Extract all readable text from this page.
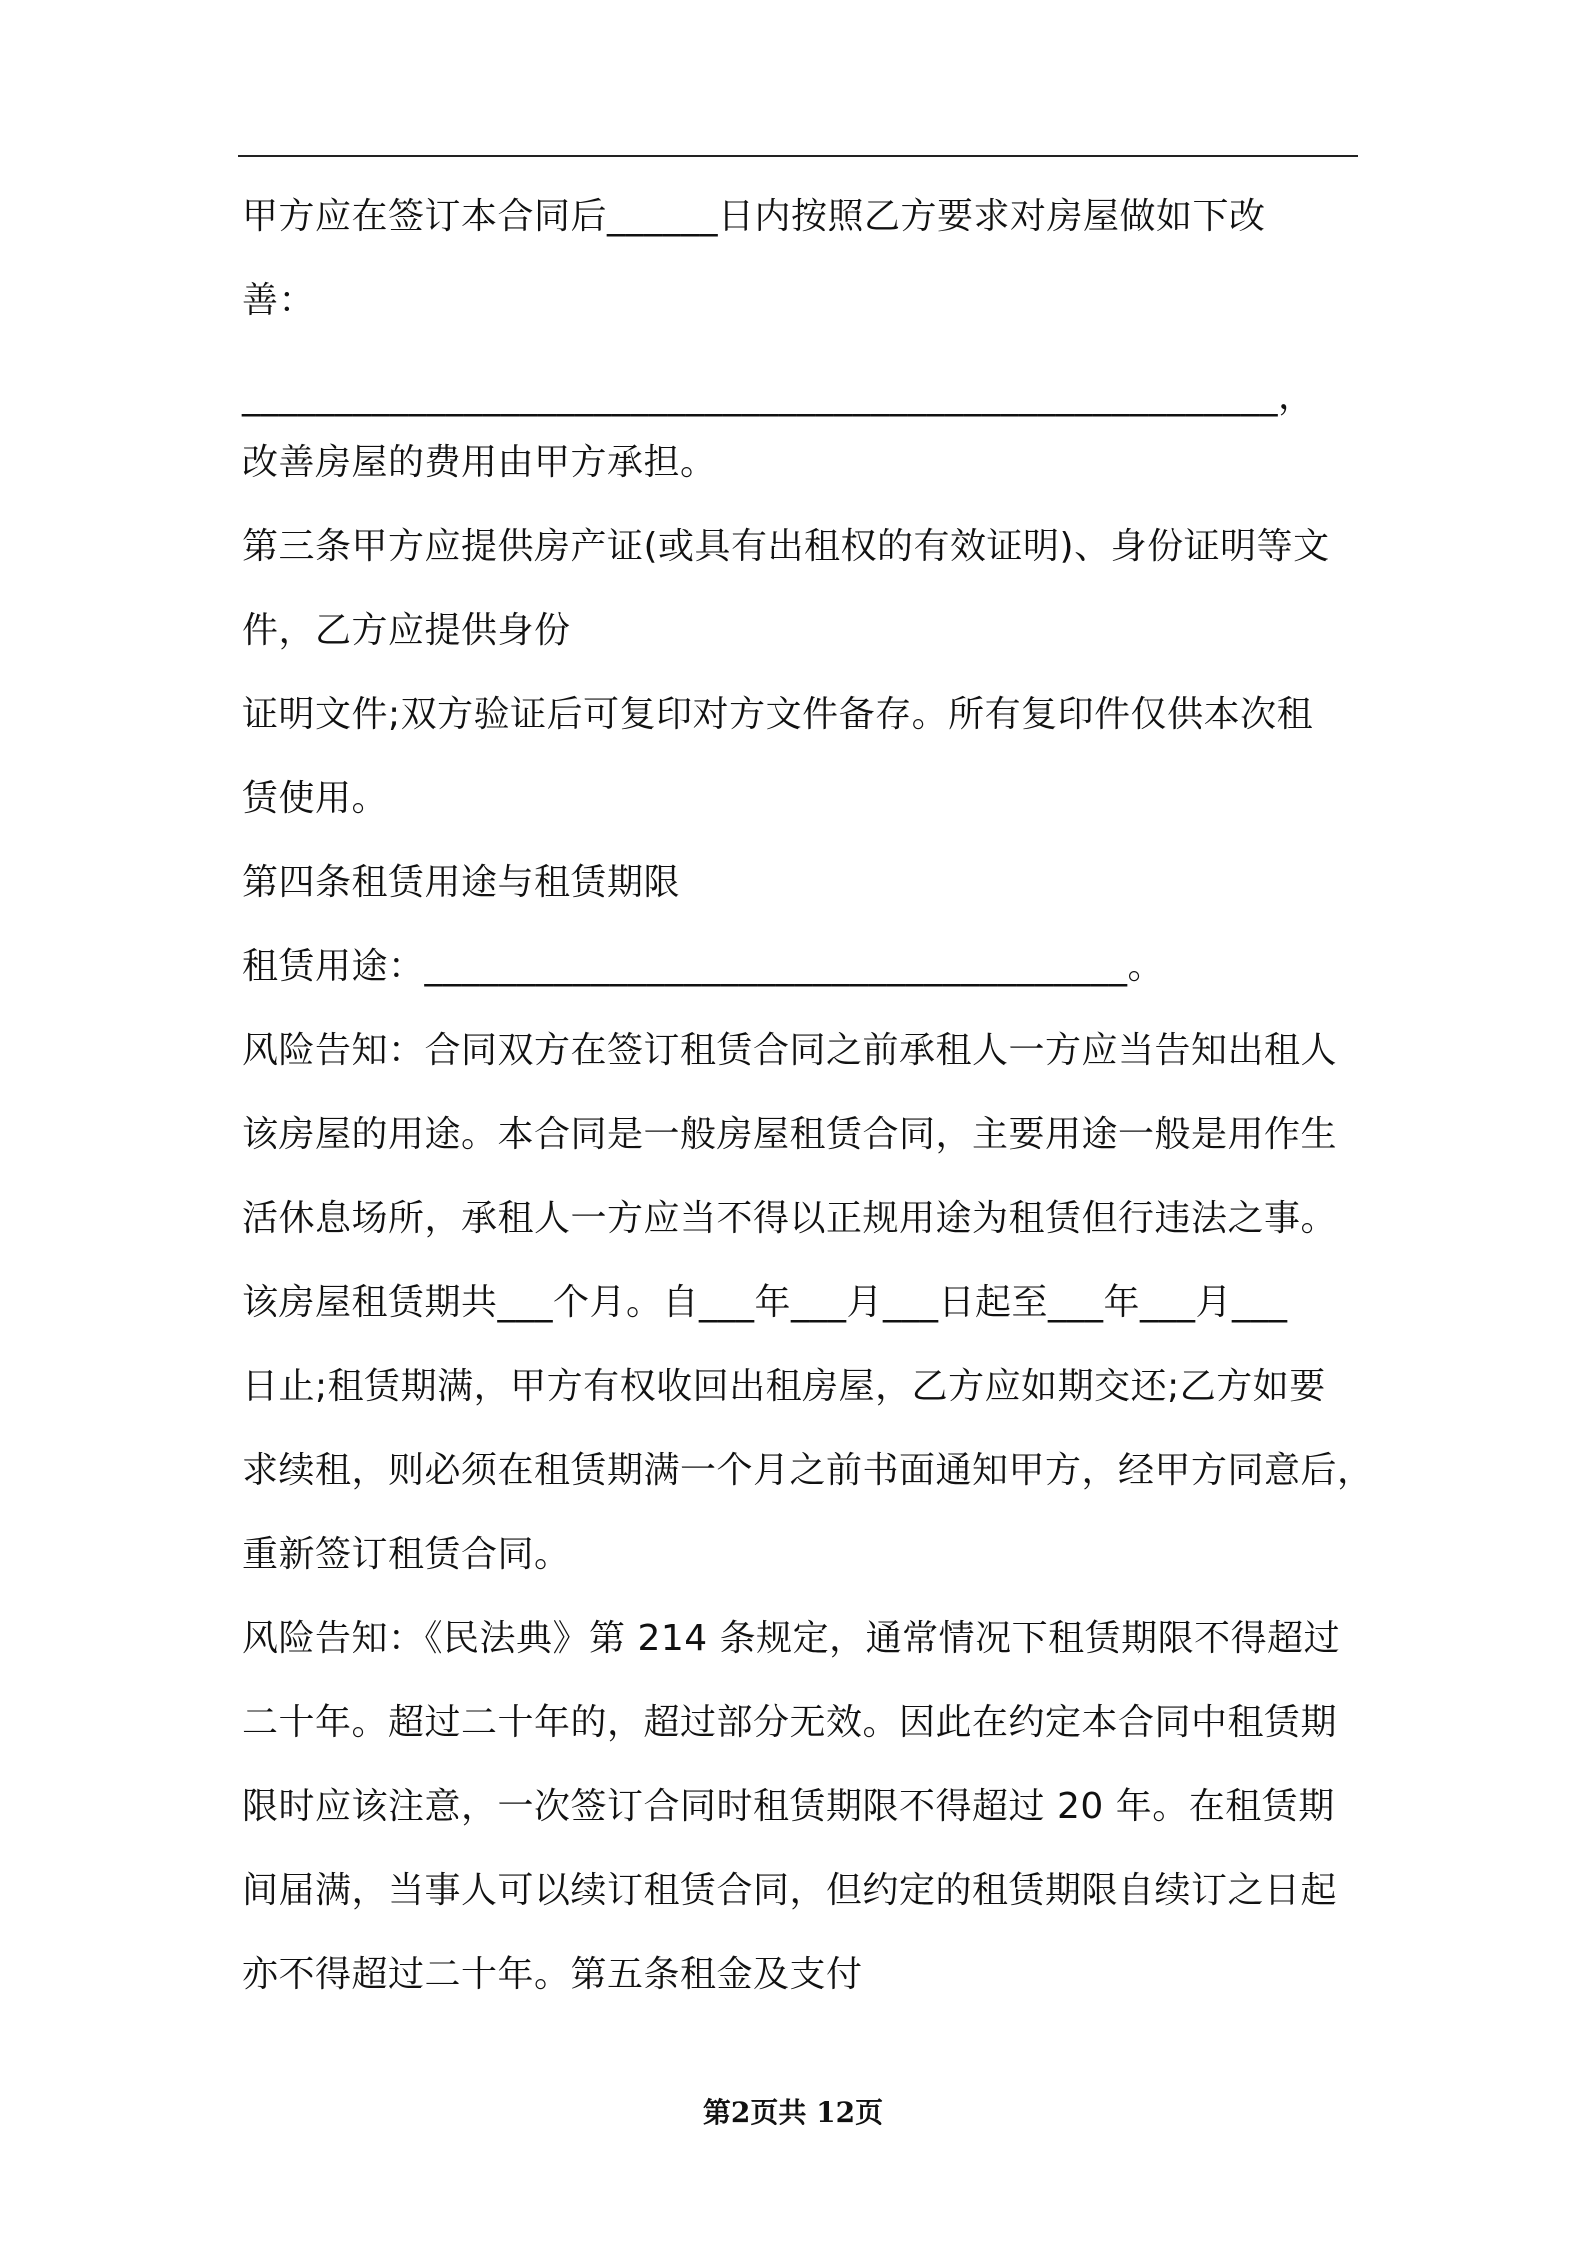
甲方应在签订本合同后______日内按照乙方要求对房屋做如下改
善：
________________________________________________________，
改善房屋的费用由甲方承担。
第三条甲方应提供房产证(或具有出租权的有效证明)、身份证明等文
件，乙方应提供身份
证明文件;双方验证后可复印对方文件备存。所有复印件仅供本次租
赁使用。
第四条租赁用途与租赁期限
租赁用途：______________________________________。
风险告知：合同双方在签订租赁合同之前承租人一方应当告知出租人
该房屋的用途。本合同是一般房屋租赁合同，主要用途一般是用作生
活休息场所，承租人一方应当不得以正规用途为租赁但行违法之事。
该房屋租赁期共___个月。自___年___月___日起至___年___月___
日止;租赁期满，甲方有权收回出租房屋，乙方应如期交还;乙方如要
求续租，则必须在租赁期满一个月之前书面通知甲方，经甲方同意后，
重新签订租赁合同。
风险告知：《民法典》第 214 条规定，通常情况下租赁期限不得超过
二十年。超过二十年的，超过部分无效。因此在约定本合同中租赁期
限时应该注意，一次签订合同时租赁期限不得超过 20 年。在租赁期
间届满，当事人可以续订租赁合同，但约定的租赁期限自续订之日起
亦不得超过二十年。第五条租金及支付
第2页共 12页
